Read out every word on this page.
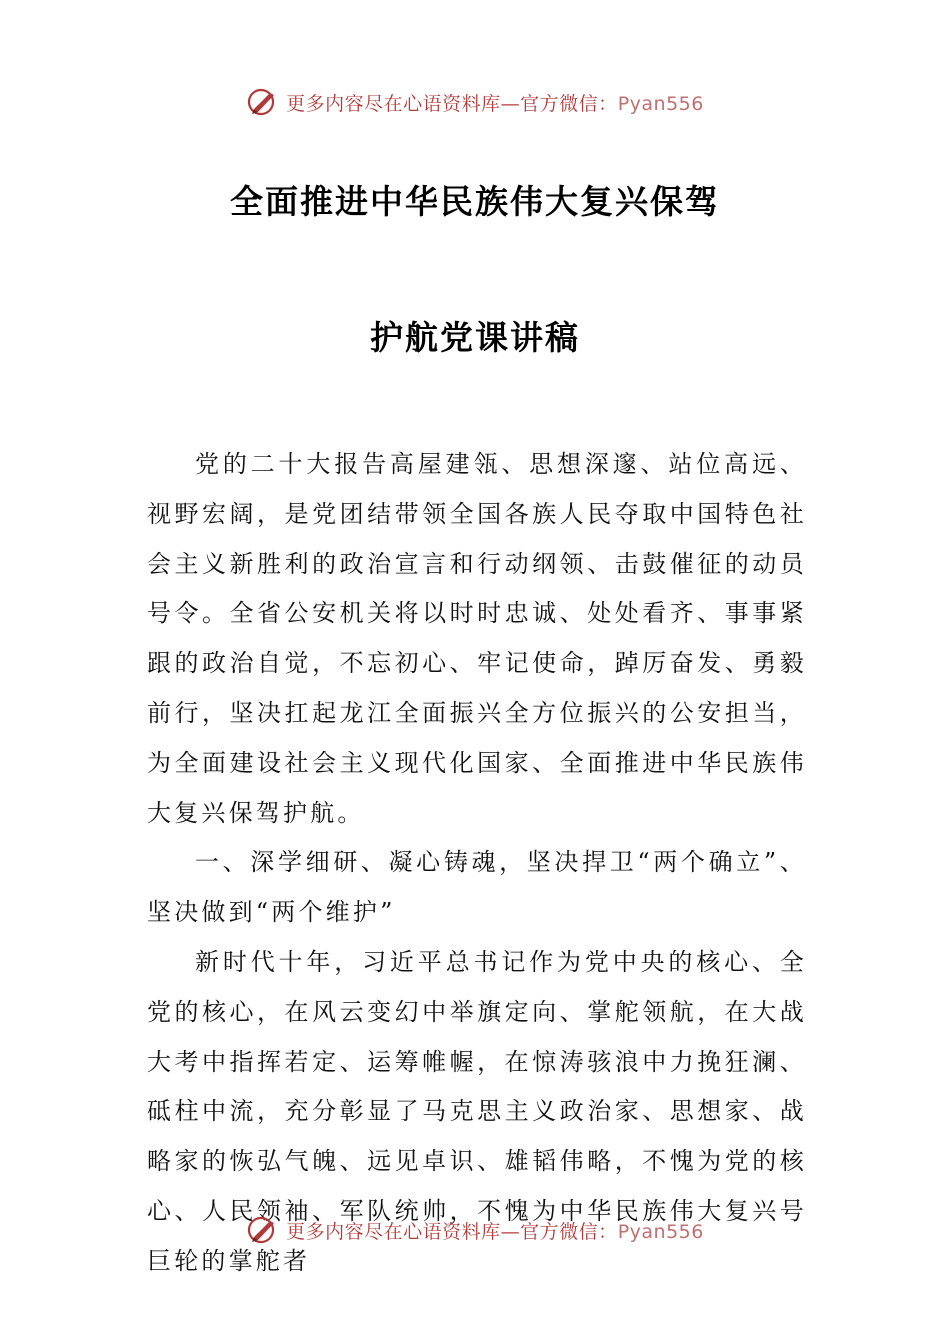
更多内容尽在心语资料库—官方微信：Pyan556
全面推进中华民族伟大复兴保驾
护航党课讲稿

党的二十大报告高屋建瓴、思想深邃、站位高远、视野宏阔，是党团结带领全国各族人民夺取中国特色社会主义新胜利的政治宣言和行动纲领、击鼓催征的动员号令。全省公安机关将以时时忠诚、处处看齐、事事紧跟的政治自觉，不忘初心、牢记使命，踔厉奋发、勇毅前行，坚决扛起龙江全面振兴全方位振兴的公安担当，为全面建设社会主义现代化国家、全面推进中华民族伟大复兴保驾护航。

一、深学细研、凝心铸魂，坚决捍卫“两个确立”、坚决做到“两个维护”

新时代十年，习近平总书记作为党中央的核心、全党的核心，在风云变幻中举旗定向、掌舵领航，在大战大考中指挥若定、运筹帷幄，在惊涛骇浪中力挽狂澜、砥柱中流，充分彰显了马克思主义政治家、思想家、战略家的恢弘气魄、远见卓识、雄韬伟略，不愧为党的核心、人民领袖、军队统帅，不愧为中华民族伟大复兴号巨轮的掌舵者

更多内容尽在心语资料库—官方微信：Pyan556
